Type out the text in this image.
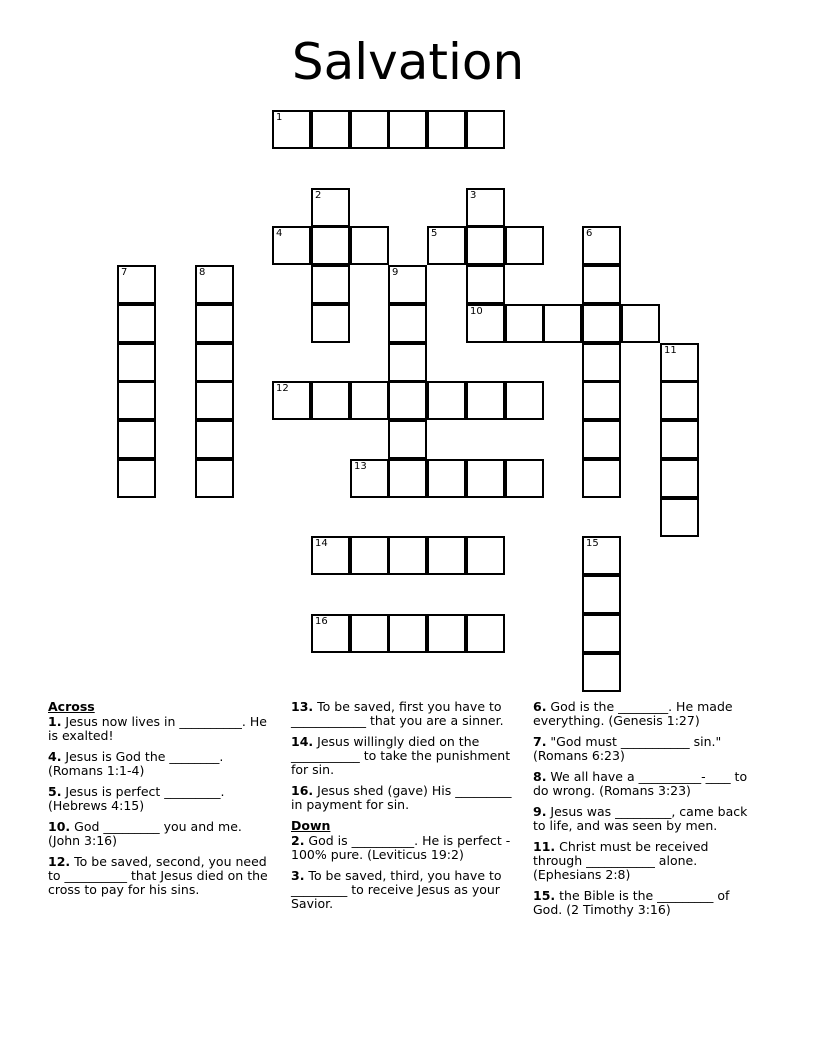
Salvation
1
2	3
4	5	6
7	8	9
10
11
12
13
14	15
16
Across
1. Jesus now lives in __________. He is exalted!
4. Jesus is God the ________. (Romans 1:1-4)
5. Jesus is perfect _________. (Hebrews 4:15)
10. God _________ you and me. (John 3:16)
12. To be saved, second, you need to __________ that Jesus died on the cross to pay for his sins.
13. To be saved, first you have to ____________ that you are a sinner.
14. Jesus willingly died on the ___________ to take the punishment for sin.
16. Jesus shed (gave) His _________ in payment for sin.
Down
2. God is __________. He is perfect - 100% pure. (Leviticus 19:2)
3. To be saved, third, you have to _________ to receive Jesus as your Savior.
6. God is the ________. He made everything. (Genesis 1:27)
7. "God must ___________ sin." (Romans 6:23)
8. We all have a __________-____ to do wrong. (Romans 3:23)
9. Jesus was _________, came back to life, and was seen by men.
11. Christ must be received through ___________ alone. (Ephesians 2:8)
15. the Bible is the _________ of God. (2 Timothy 3:16)
